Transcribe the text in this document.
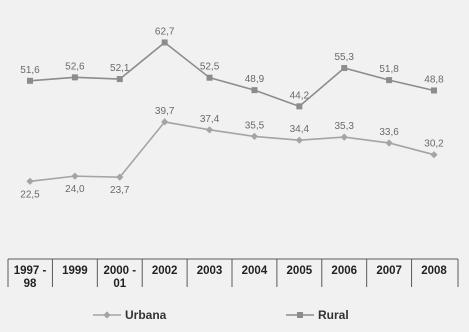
1997 -98
1999 2000 -01
2002 2003 2004 2005 2006 2007 2008
22,5	24,0	23,7
39,7
37,4
35,5	34,4	35,3
33,6
30,2
51,6	52,6	52,1
62,7
52,5
48,9
44,2
55,3
51,8
48,8
Urbana	Rural
